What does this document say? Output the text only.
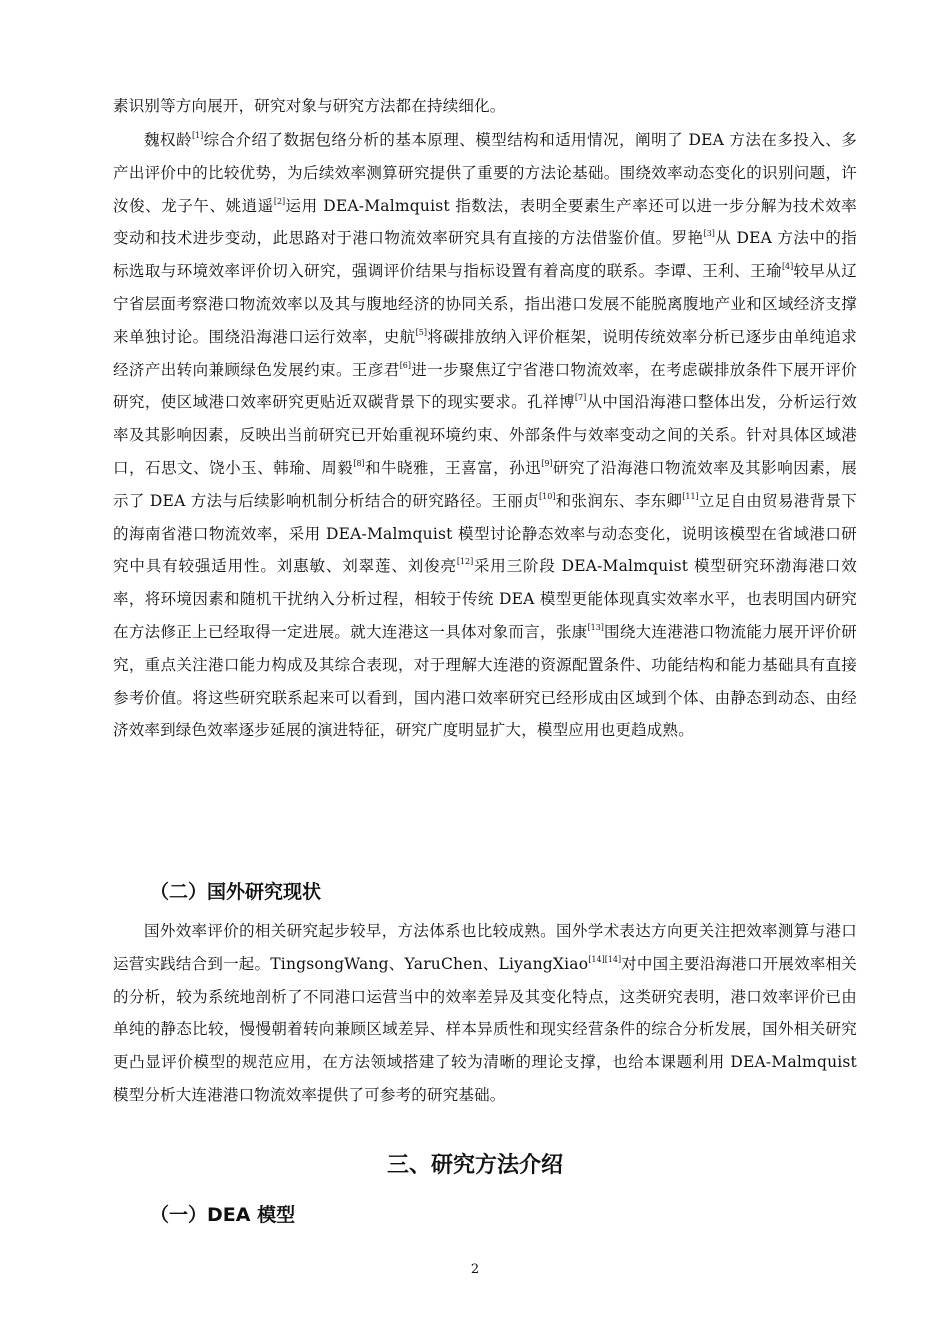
素识别等方向展开，研究对象与研究方法都在持续细化。

魏权龄[1]综合介绍了数据包络分析的基本原理、模型结构和适用情况，阐明了 DEA 方法在多投入、多产出评价中的比较优势，为后续效率测算研究提供了重要的方法论基础。围绕效率动态变化的识别问题，许汝俊、龙子午、姚逍遥[2]运用 DEA-Malmquist 指数法，表明全要素生产率还可以进一步分解为技术效率变动和技术进步变动，此思路对于港口物流效率研究具有直接的方法借鉴价值。罗艳[3]从 DEA 方法中的指标选取与环境效率评价切入研究，强调评价结果与指标设置有着高度的联系。李谭、王利、王瑜[4]较早从辽宁省层面考察港口物流效率以及其与腹地经济的协同关系，指出港口发展不能脱离腹地产业和区域经济支撑来单独讨论。围绕沿海港口运行效率，史航[5]将碳排放纳入评价框架，说明传统效率分析已逐步由单纯追求经济产出转向兼顾绿色发展约束。王彦君[6]进一步聚焦辽宁省港口物流效率，在考虑碳排放条件下展开评价研究，使区域港口效率研究更贴近双碳背景下的现实要求。孔祥博[7]从中国沿海港口整体出发，分析运行效率及其影响因素，反映出当前研究已开始重视环境约束、外部条件与效率变动之间的关系。针对具体区域港口，石思文、饶小玉、韩瑜、周毅[8]和牛晓雅，王喜富，孙迅[9]研究了沿海港口物流效率及其影响因素，展示了 DEA 方法与后续影响机制分析结合的研究路径。王丽贞[10]和张润东、李东卿[11]立足自由贸易港背景下的海南省港口物流效率，采用 DEA-Malmquist 模型讨论静态效率与动态变化，说明该模型在省域港口研究中具有较强适用性。刘惠敏、刘翠莲、刘俊亮[12]采用三阶段 DEA-Malmquist 模型研究环渤海港口效率，将环境因素和随机干扰纳入分析过程，相较于传统 DEA 模型更能体现真实效率水平，也表明国内研究在方法修正上已经取得一定进展。就大连港这一具体对象而言，张康[13]围绕大连港港口物流能力展开评价研究，重点关注港口能力构成及其综合表现，对于理解大连港的资源配置条件、功能结构和能力基础具有直接参考价值。将这些研究联系起来可以看到，国内港口效率研究已经形成由区域到个体、由静态到动态、由经济效率到绿色效率逐步延展的演进特征，研究广度明显扩大，模型应用也更趋成熟。

（二）国外研究现状

国外效率评价的相关研究起步较早，方法体系也比较成熟。国外学术表达方向更关注把效率测算与港口运营实践结合到一起。TingsongWang、YaruChen、LiyangXiao[14][14]对中国主要沿海港口开展效率相关的分析，较为系统地剖析了不同港口运营当中的效率差异及其变化特点，这类研究表明，港口效率评价已由单纯的静态比较，慢慢朝着转向兼顾区域差异、样本异质性和现实经营条件的综合分析发展，国外相关研究更凸显评价模型的规范应用，在方法领域搭建了较为清晰的理论支撑，也给本课题利用 DEA-Malmquist 模型分析大连港港口物流效率提供了可参考的研究基础。

三、研究方法介绍
（一）DEA 模型
2
